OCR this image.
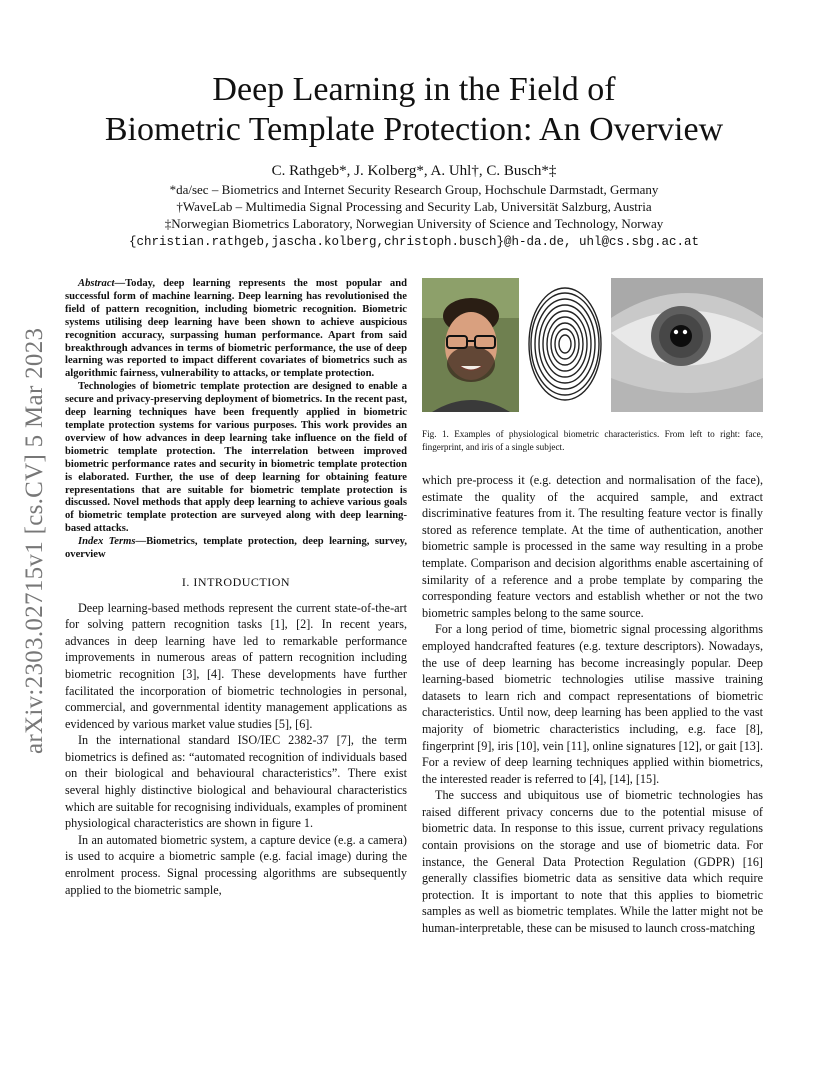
arXiv:2303.02715v1 [cs.CV] 5 Mar 2023
Deep Learning in the Field of
Biometric Template Protection: An Overview
C. Rathgeb*, J. Kolberg*, A. Uhl†, C. Busch*‡
*da/sec – Biometrics and Internet Security Research Group, Hochschule Darmstadt, Germany
†WaveLab – Multimedia Signal Processing and Security Lab, Universität Salzburg, Austria
‡Norwegian Biometrics Laboratory, Norwegian University of Science and Technology, Norway
{christian.rathgeb,jascha.kolberg,christoph.busch}@h-da.de, uhl@cs.sbg.ac.at

Abstract—Today, deep learning represents the most popular and successful form of machine learning. Deep learning has revolutionised the field of pattern recognition, including biometric recognition. Biometric systems utilising deep learning have been shown to achieve auspicious recognition accuracy, surpassing human performance. Apart from said breakthrough advances in terms of biometric performance, the use of deep learning was reported to impact different covariates of biometrics such as algorithmic fairness, vulnerability to attacks, or template protection.

Technologies of biometric template protection are designed to enable a secure and privacy-preserving deployment of biometrics. In the recent past, deep learning techniques have been frequently applied in biometric template protection systems for various purposes. This work provides an overview of how advances in deep learning take influence on the field of biometric template protection. The interrelation between improved biometric performance rates and security in biometric template protection is elaborated. Further, the use of deep learning for obtaining feature representations that are suitable for biometric template protection is discussed. Novel methods that apply deep learning to achieve various goals of biometric template protection are surveyed along with deep learning-based attacks.

Index Terms—Biometrics, template protection, deep learning, survey, overview

I. INTRODUCTION

Deep learning-based methods represent the current state-of-the-art for solving pattern recognition tasks [1], [2]. In recent years, advances in deep learning have led to remarkable performance improvements in numerous areas of pattern recognition including biometric recognition [3], [4]. These developments have further facilitated the incorporation of biometric technologies in personal, commercial, and governmental identity management applications as evidenced by various market value studies [5], [6].

In the international standard ISO/IEC 2382-37 [7], the term biometrics is defined as: “automated recognition of individuals based on their biological and behavioural characteristics”. There exist several highly distinctive biological and behavioural characteristics which are suitable for recognising individuals, examples of prominent physiological characteristics are shown in figure 1.

In an automated biometric system, a capture device (e.g. a camera) is used to acquire a biometric sample (e.g. facial image) during the enrolment process. Signal processing algorithms are subsequently applied to the biometric sample,

Fig. 1. Examples of physiological biometric characteristics. From left to right: face, fingerprint, and iris of a single subject.

which pre-process it (e.g. detection and normalisation of the face), estimate the quality of the acquired sample, and extract discriminative features from it. The resulting feature vector is finally stored as reference template. At the time of authentication, another biometric sample is processed in the same way resulting in a probe template. Comparison and decision algorithms enable ascertaining of similarity of a reference and a probe template by comparing the corresponding feature vectors and establish whether or not the two biometric samples belong to the same source.

For a long period of time, biometric signal processing algorithms employed handcrafted features (e.g. texture descriptors). Nowadays, the use of deep learning has become increasingly popular. Deep learning-based biometric technologies utilise massive training datasets to learn rich and compact representations of biometric characteristics. Until now, deep learning has been applied to the vast majority of biometric characteristics including, e.g. face [8], fingerprint [9], iris [10], vein [11], online signatures [12], or gait [13]. For a review of deep learning techniques applied within biometrics, the interested reader is referred to [4], [14], [15].

The success and ubiquitous use of biometric technologies has raised different privacy concerns due to the potential misuse of biometric data. In response to this issue, current privacy regulations contain provisions on the storage and use of biometric data. For instance, the General Data Protection Regulation (GDPR) [16] generally classifies biometric data as sensitive data which require protection. It is important to note that this applies to biometric samples as well as biometric templates. While the latter might not be human-interpretable, these can be misused to launch cross-matching
